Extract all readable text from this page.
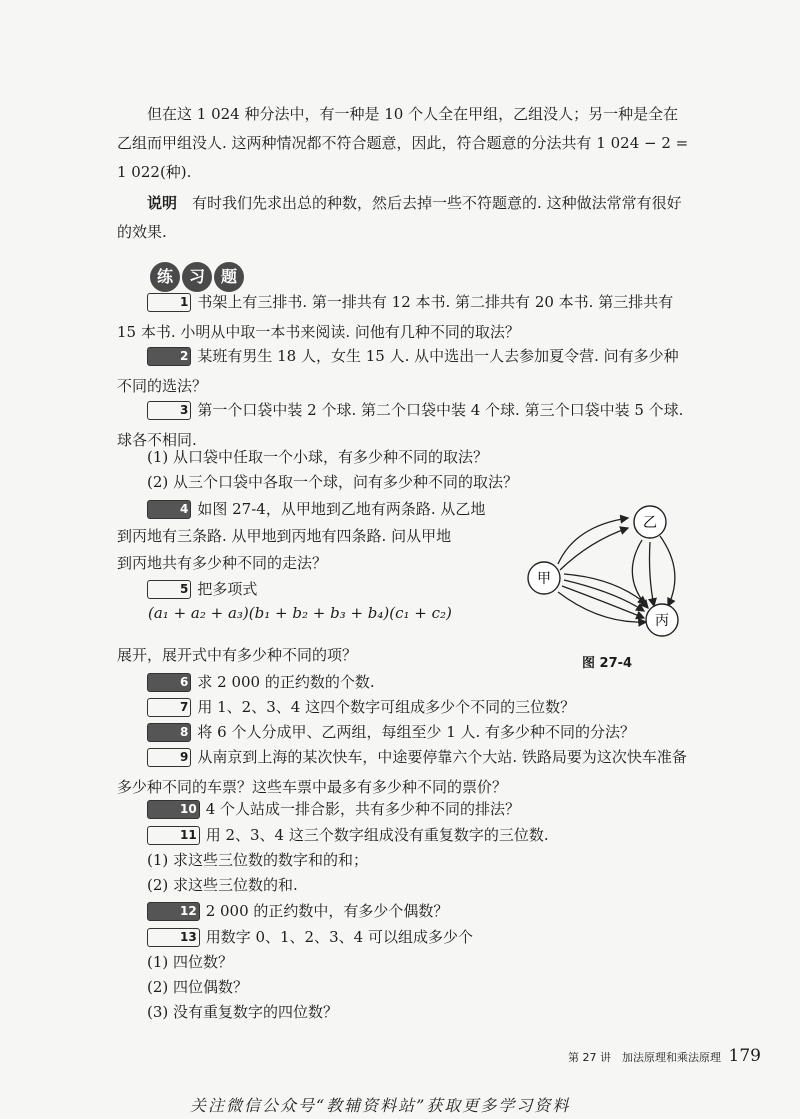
但在这 1 024 种分法中，有一种是 10 个人全在甲组，乙组没人；另一种是全在乙组而甲组没人. 这两种情况都不符合题意，因此，符合题意的分法共有 1 024 − 2 = 1 022(种).

说明　 有时我们先求出总的种数，然后去掉一些不符题意的. 这种做法常常有很好的效果.

练 习 题
1 书架上有三排书. 第一排共有 12 本书. 第二排共有 20 本书. 第三排共有 15 本书. 小明从中取一本书来阅读. 问他有几种不同的取法？
2 某班有男生 18 人，女生 15 人. 从中选出一人去参加夏令营. 问有多少种不同的选法？
3 第一个口袋中装 2 个球. 第二个口袋中装 4 个球. 第三个口袋中装 5 个球. 球各不相同.
(1) 从口袋中任取一个小球，有多少种不同的取法？
(2) 从三个口袋中各取一个球，问有多少种不同的取法？
4 如图 27-4，从甲地到乙地有两条路. 从乙地
到丙地有三条路. 从甲地到丙地有四条路. 问从甲地
到丙地共有多少种不同的走法？
5 把多项式
(a₁ + a₂ + a₃)(b₁ + b₂ + b₃ + b₄)(c₁ + c₂)
展开，展开式中有多少种不同的项？
甲
乙
丙
图 27-4
6 求 2 000 的正约数的个数.
7 用 1、2、3、4 这四个数字可组成多少个不同的三位数？
8 将 6 个人分成甲、乙两组，每组至少 1 人. 有多少种不同的分法？
9 从南京到上海的某次快车，中途要停靠六个大站. 铁路局要为这次快车准备多少种不同的车票？这些车票中最多有多少种不同的票价？
10 4 个人站成一排合影，共有多少种不同的排法？
11 用 2、3、4 这三个数字组成没有重复数字的三位数.
(1) 求这些三位数的数字和的和；
(2) 求这些三位数的和.
12 2 000 的正约数中，有多少个偶数？
13 用数字 0、1、2、3、4 可以组成多少个
(1) 四位数？
(2) 四位偶数？
(3) 没有重复数字的四位数？
第 27 讲　加法原理和乘法原理 179
关注微信公众号“教辅资料站”获取更多学习资料
